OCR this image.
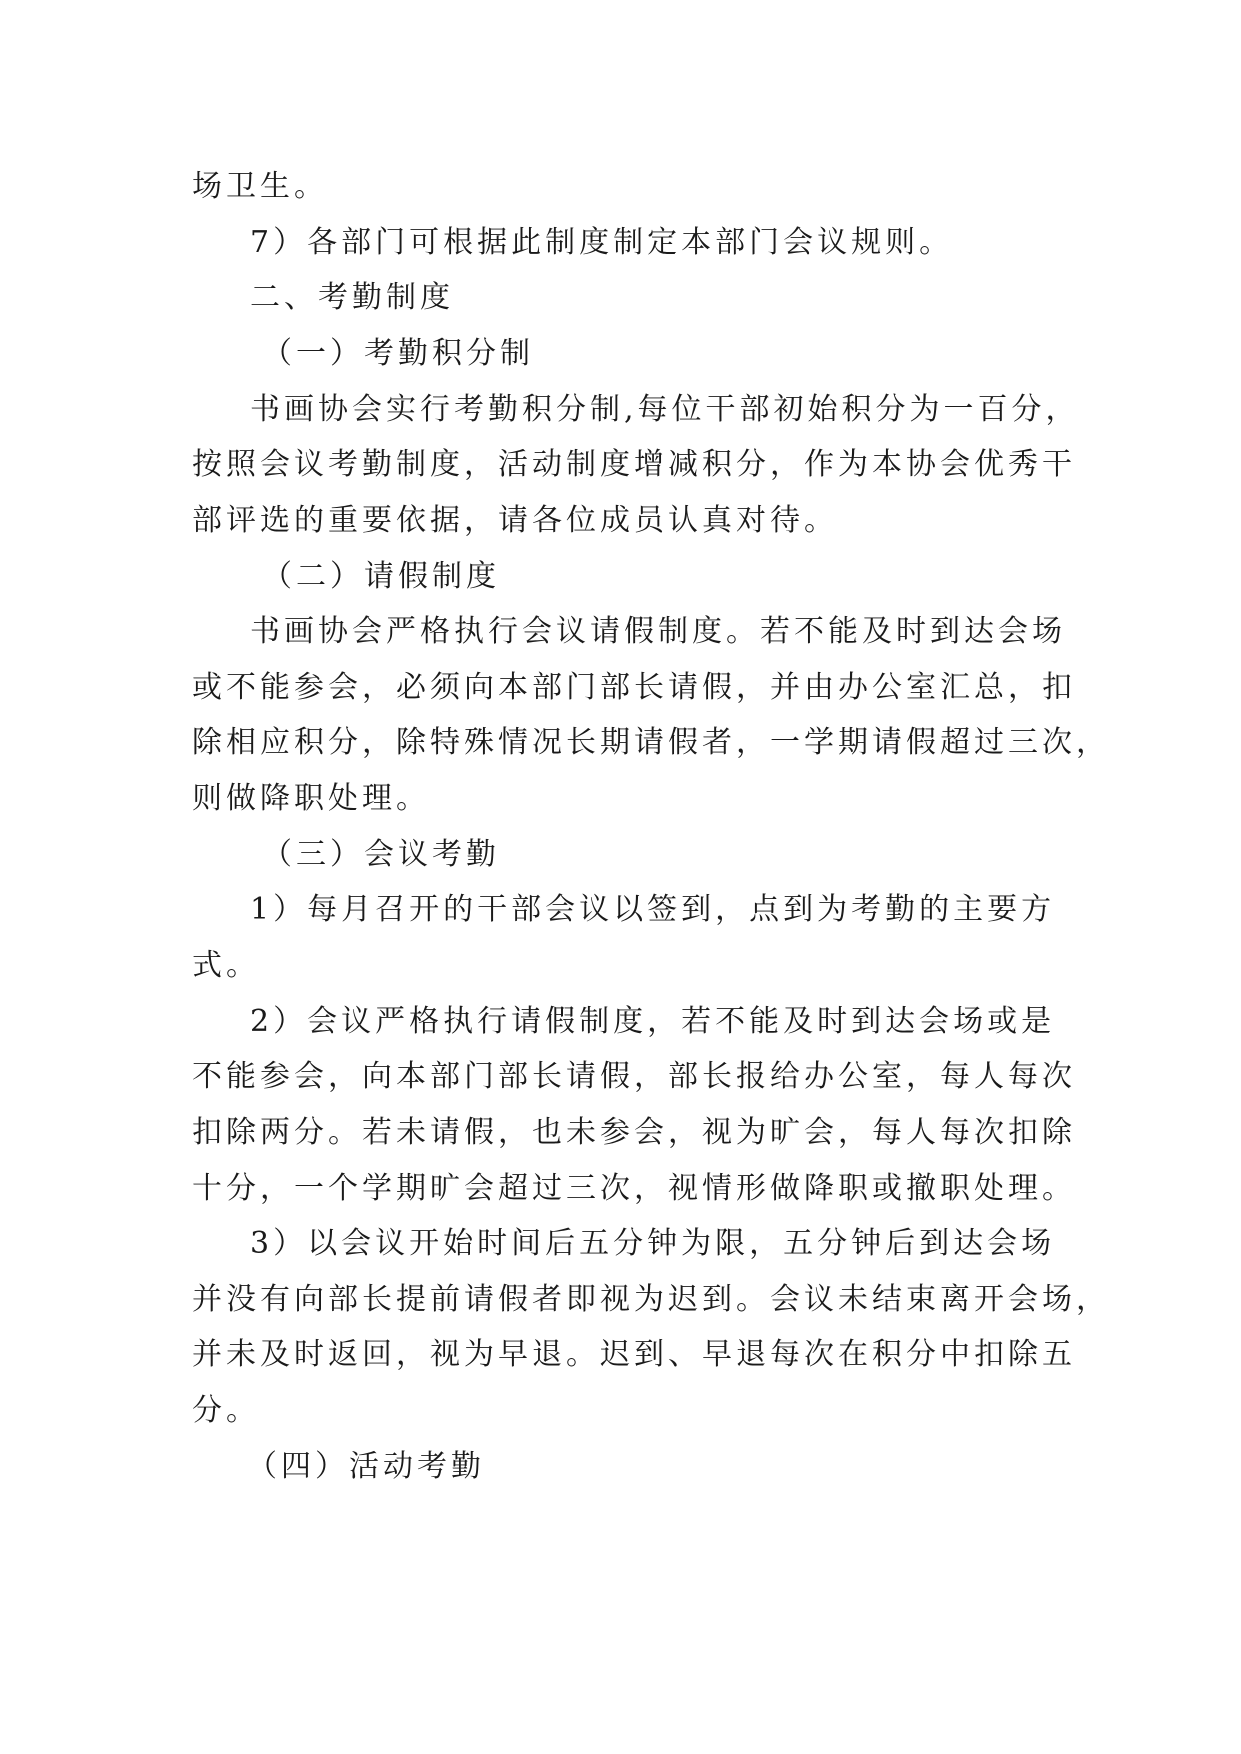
场卫生。
7）各部门可根据此制度制定本部门会议规则。
二、考勤制度
（一）考勤积分制
书画协会实行考勤积分制,每位干部初始积分为一百分，
按照会议考勤制度，活动制度增减积分，作为本协会优秀干
部评选的重要依据，请各位成员认真对待。
（二）请假制度
书画协会严格执行会议请假制度。若不能及时到达会场
或不能参会，必须向本部门部长请假，并由办公室汇总，扣
除相应积分，除特殊情况长期请假者，一学期请假超过三次，
则做降职处理。
（三）会议考勤
1）每月召开的干部会议以签到，点到为考勤的主要方
式。
2）会议严格执行请假制度，若不能及时到达会场或是
不能参会，向本部门部长请假，部长报给办公室，每人每次
扣除两分。若未请假，也未参会，视为旷会，每人每次扣除
十分，一个学期旷会超过三次，视情形做降职或撤职处理。
3）以会议开始时间后五分钟为限，五分钟后到达会场
并没有向部长提前请假者即视为迟到。会议未结束离开会场，
并未及时返回，视为早退。迟到、早退每次在积分中扣除五
分。
（四）活动考勤
